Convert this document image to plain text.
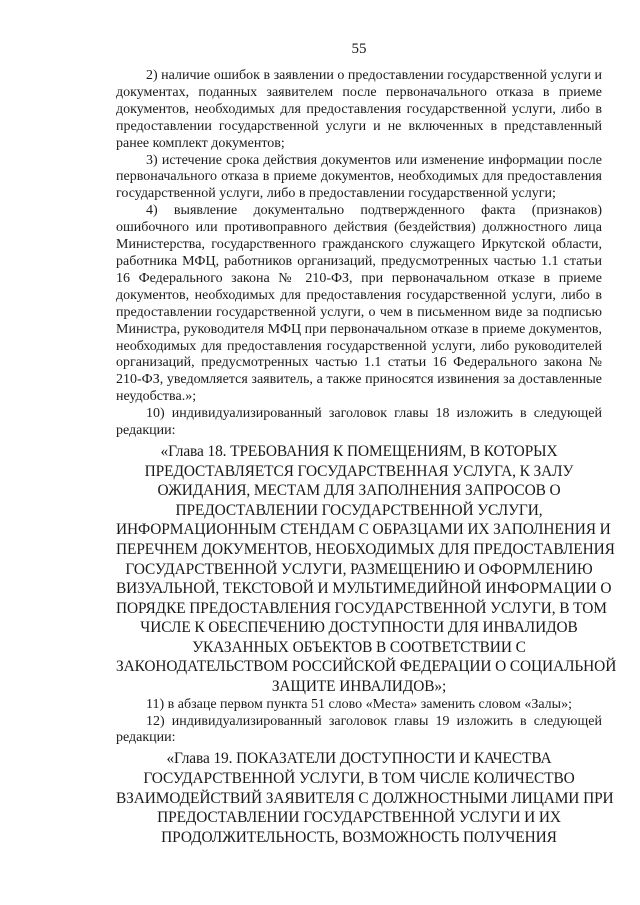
55

2) наличие ошибок в заявлении о предоставлении государственной услуги и документах, поданных заявителем после первоначального отказа в приеме документов, необходимых для предоставления государственной услуги, либо в предоставлении государственной услуги и не включенных в представленный ранее комплект документов;

3) истечение срока действия документов или изменение информации после первоначального отказа в приеме документов, необходимых для предоставления государственной услуги, либо в предоставлении государственной услуги;

4) выявление документально подтвержденного факта (признаков) ошибочного или противоправного действия (бездействия) должностного лица Министерства, государственного гражданского служащего Иркутской области, работника МФЦ, работников организаций, предусмотренных частью 1.1 статьи 16 Федерального закона № 210-ФЗ, при первоначальном отказе в приеме документов, необходимых для предоставления государственной услуги, либо в предоставлении государственной услуги, о чем в письменном виде за подписью Министра, руководителя МФЦ при первоначальном отказе в приеме документов, необходимых для предоставления государственной услуги, либо руководителей организаций, предусмотренных частью 1.1 статьи 16 Федерального закона № 210-ФЗ, уведомляется заявитель, а также приносятся извинения за доставленные неудобства.»;

10) индивидуализированный заголовок главы 18 изложить в следующей редакции:

«Глава 18. ТРЕБОВАНИЯ К ПОМЕЩЕНИЯМ, В КОТОРЫХ
ПРЕДОСТАВЛЯЕТСЯ ГОСУДАРСТВЕННАЯ УСЛУГА, К ЗАЛУ
ОЖИДАНИЯ, МЕСТАМ ДЛЯ ЗАПОЛНЕНИЯ ЗАПРОСОВ О
ПРЕДОСТАВЛЕНИИ ГОСУДАРСТВЕННОЙ УСЛУГИ,
ИНФОРМАЦИОННЫМ СТЕНДАМ С ОБРАЗЦАМИ ИХ ЗАПОЛНЕНИЯ И
ПЕРЕЧНЕМ ДОКУМЕНТОВ, НЕОБХОДИМЫХ ДЛЯ ПРЕДОСТАВЛЕНИЯ
ГОСУДАРСТВЕННОЙ УСЛУГИ, РАЗМЕЩЕНИЮ И ОФОРМЛЕНИЮ
ВИЗУАЛЬНОЙ, ТЕКСТОВОЙ И МУЛЬТИМЕДИЙНОЙ ИНФОРМАЦИИ О
ПОРЯДКЕ ПРЕДОСТАВЛЕНИЯ ГОСУДАРСТВЕННОЙ УСЛУГИ, В ТОМ
ЧИСЛЕ К ОБЕСПЕЧЕНИЮ ДОСТУПНОСТИ ДЛЯ ИНВАЛИДОВ
УКАЗАННЫХ ОБЪЕКТОВ В СООТВЕТСТВИИ С
ЗАКОНОДАТЕЛЬСТВОМ РОССИЙСКОЙ ФЕДЕРАЦИИ О СОЦИАЛЬНОЙ
ЗАЩИТЕ ИНВАЛИДОВ»;

11) в абзаце первом пункта 51 слово «Места» заменить словом «Залы»;

12) индивидуализированный заголовок главы 19 изложить в следующей редакции:

«Глава 19. ПОКАЗАТЕЛИ ДОСТУПНОСТИ И КАЧЕСТВА
ГОСУДАРСТВЕННОЙ УСЛУГИ, В ТОМ ЧИСЛЕ КОЛИЧЕСТВО
ВЗАИМОДЕЙСТВИЙ ЗАЯВИТЕЛЯ С ДОЛЖНОСТНЫМИ ЛИЦАМИ ПРИ
ПРЕДОСТАВЛЕНИИ ГОСУДАРСТВЕННОЙ УСЛУГИ И ИХ
ПРОДОЛЖИТЕЛЬНОСТЬ, ВОЗМОЖНОСТЬ ПОЛУЧЕНИЯ
